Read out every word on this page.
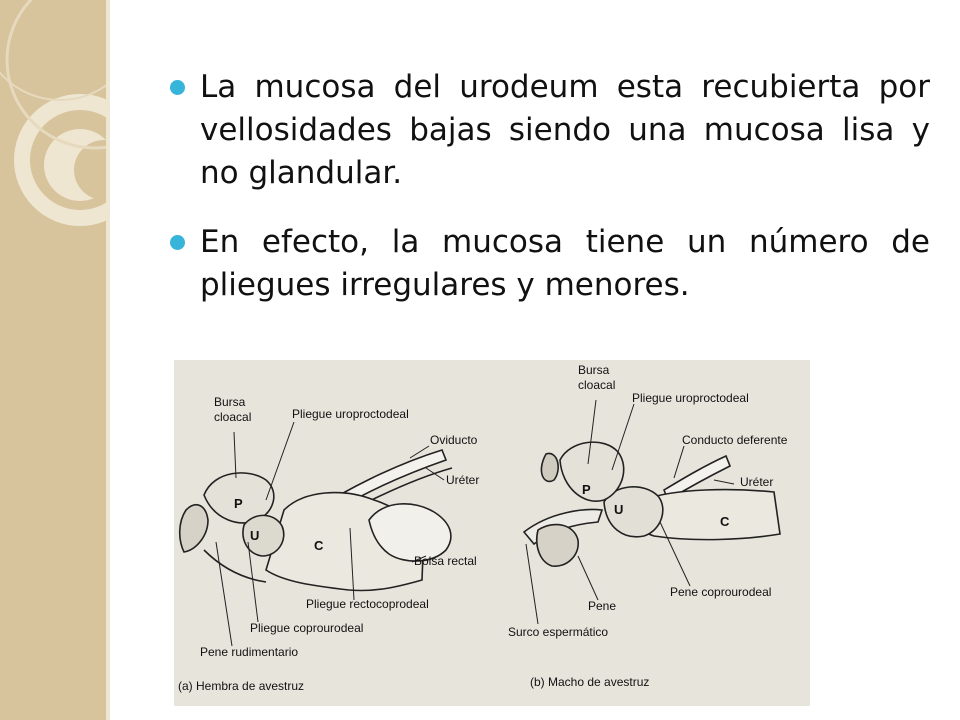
La mucosa del urodeum esta recubierta por vellosidades bajas siendo una mucosa lisa y no glandular.
En efecto, la mucosa tiene un número de pliegues irregulares y menores.
Bursa
cloacal	Pliegue uroproctodeal
Oviducto
Uréter
P
U
C
Bolsa rectal
Pliegue rectocoprodeal
Pliegue coprourodeal
Pene rudimentario
(a) Hembra de avestruz
Bursa
cloacal
Pliegue uroproctodeal
Conducto deferente
Uréter
P
U
C
Pene coprourodeal
Pene
Surco espermático
(b) Macho de avestruz
